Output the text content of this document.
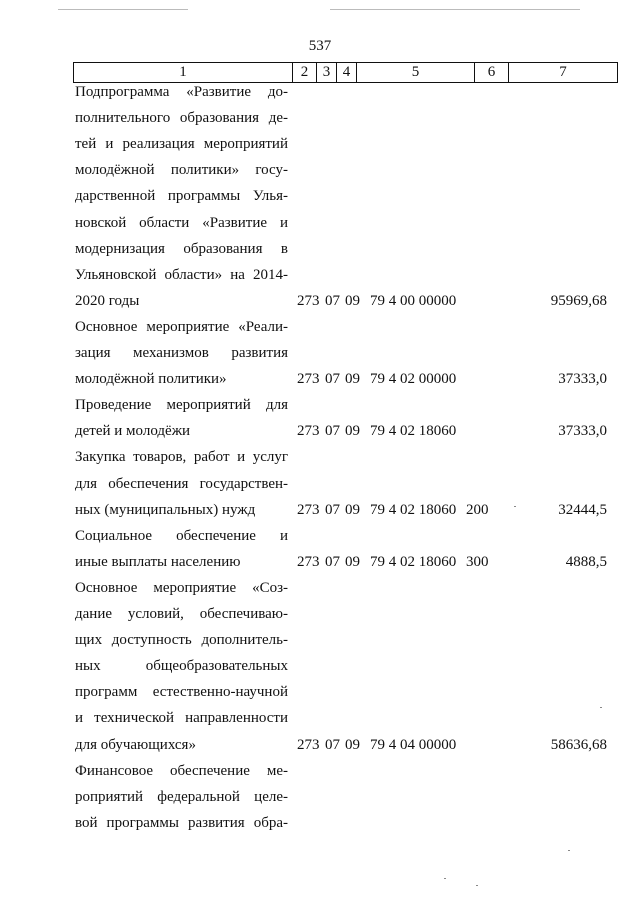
537
1	2	3	4	5	6	7
Подпрограмма «Развитие до-
полнительного образования де-
тей и реализация мероприятий
молодёжной политики» госу-
дарственной программы Улья-
новской области «Развитие и
модернизация образования в
Ульяновской области» на 2014-
2020 годы	273 07 09 79 4 00 00000	95969,68
Основное мероприятие «Реали-
зация механизмов развития
молодёжной политики»	273 07 09 79 4 02 00000	37333,0
Проведение мероприятий для
детей и молодёжи	273 07 09 79 4 02 18060	37333,0
Закупка товаров, работ и услуг
для обеспечения государствен-
ных (муниципальных) нужд	273 07 09 79 4 02 18060 200	32444,5
Социальное обеспечение и
иные выплаты населению	273 07 09 79 4 02 18060 300	4888,5
Основное мероприятие «Соз-
дание условий, обеспечиваю-
щих доступность дополнитель-
ных общеобразовательных
программ естественно-научной
и технической направленности
для обучающихся»	273 07 09 79 4 04 00000	58636,68
Финансовое обеспечение ме-
роприятий федеральной целе-
вой программы развития обра-
